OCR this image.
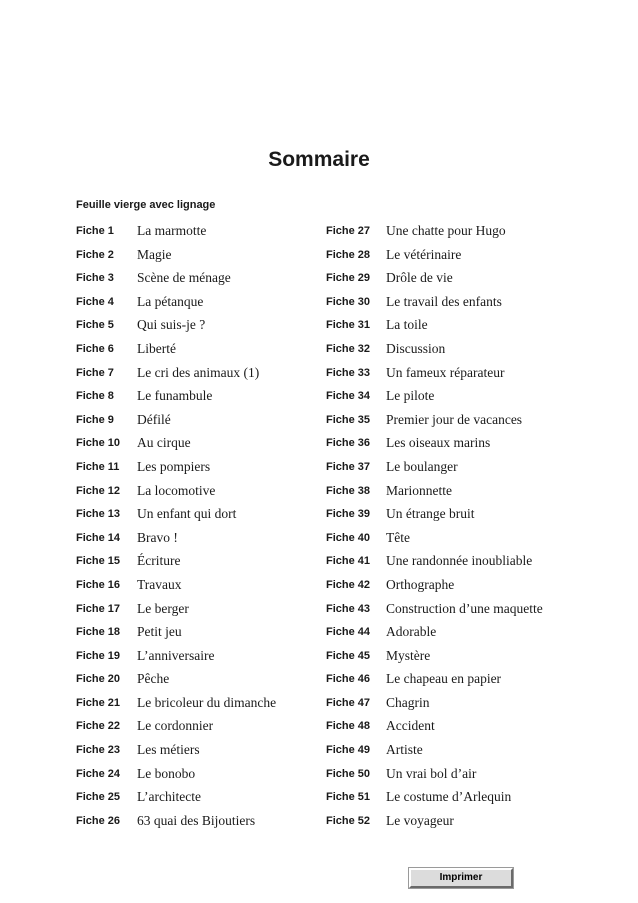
Sommaire
Feuille vierge avec lignage
Fiche 1 La marmotte
Fiche 2 Magie
Fiche 3 Scène de ménage
Fiche 4 La pétanque
Fiche 5 Qui suis-je ?
Fiche 6 Liberté
Fiche 7 Le cri des animaux (1)
Fiche 8 Le funambule
Fiche 9 Défilé
Fiche 10 Au cirque
Fiche 11 Les pompiers
Fiche 12 La locomotive
Fiche 13 Un enfant qui dort
Fiche 14 Bravo !
Fiche 15 Écriture
Fiche 16 Travaux
Fiche 17 Le berger
Fiche 18 Petit jeu
Fiche 19 L’anniversaire
Fiche 20 Pêche
Fiche 21 Le bricoleur du dimanche
Fiche 22 Le cordonnier
Fiche 23 Les métiers
Fiche 24 Le bonobo
Fiche 25 L’architecte
Fiche 26 63 quai des Bijoutiers
Fiche 27 Une chatte pour Hugo
Fiche 28 Le vétérinaire
Fiche 29 Drôle de vie
Fiche 30 Le travail des enfants
Fiche 31 La toile
Fiche 32 Discussion
Fiche 33 Un fameux réparateur
Fiche 34 Le pilote
Fiche 35 Premier jour de vacances
Fiche 36 Les oiseaux marins
Fiche 37 Le boulanger
Fiche 38 Marionnette
Fiche 39 Un étrange bruit
Fiche 40 Tête
Fiche 41 Une randonnée inoubliable
Fiche 42 Orthographe
Fiche 43 Construction d’une maquette
Fiche 44 Adorable
Fiche 45 Mystère
Fiche 46 Le chapeau en papier
Fiche 47 Chagrin
Fiche 48 Accident
Fiche 49 Artiste
Fiche 50 Un vrai bol d’air
Fiche 51 Le costume d’Arlequin
Fiche 52 Le voyageur
Imprimer
